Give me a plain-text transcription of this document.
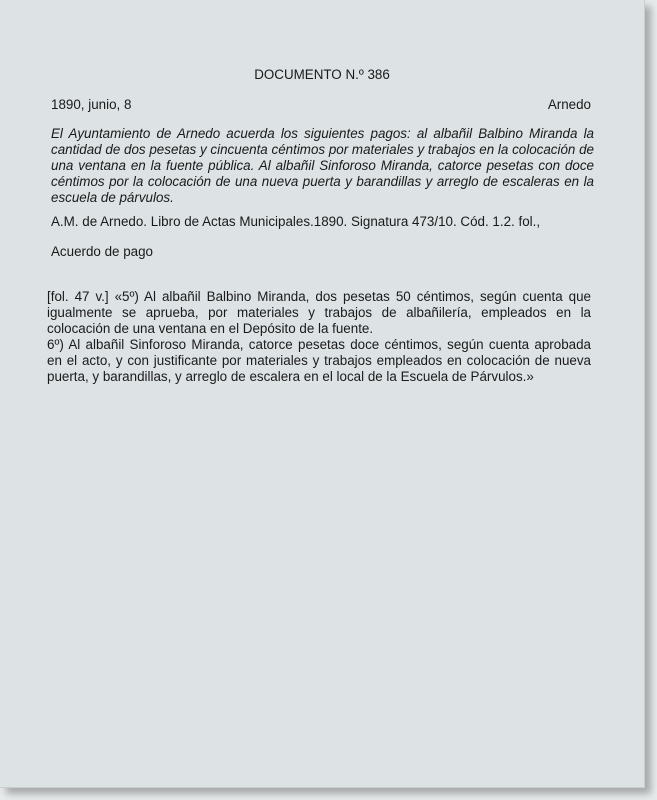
DOCUMENTO N.º 386
1890, junio, 8	Arnedo
El Ayuntamiento de Arnedo acuerda los siguientes pagos: al albañil Balbino Miranda la cantidad de dos pesetas y cincuenta céntimos por materiales y trabajos en la colocación de una ventana en la fuente pública. Al albañil Sinforoso Miranda, catorce pesetas con doce céntimos por la colocación de una nueva puerta y barandillas y arreglo de escaleras en la escuela de párvulos.
A.M. de Arnedo. Libro de Actas Municipales.1890. Signatura 473/10. Cód. 1.2. fol.,
Acuerdo de pago

[fol. 47 v.] «5º) Al albañil Balbino Miranda, dos pesetas 50 céntimos, según cuenta que igualmente se aprueba, por materiales y trabajos de albañilería, empleados en la colocación de una ventana en el Depósito de la fuente.

6º) Al albañil Sinforoso Miranda, catorce pesetas doce céntimos, según cuenta aprobada en el acto, y con justificante por materiales y trabajos empleados en colocación de nueva puerta, y barandillas, y arreglo de escalera en el local de la Escuela de Párvulos.»
